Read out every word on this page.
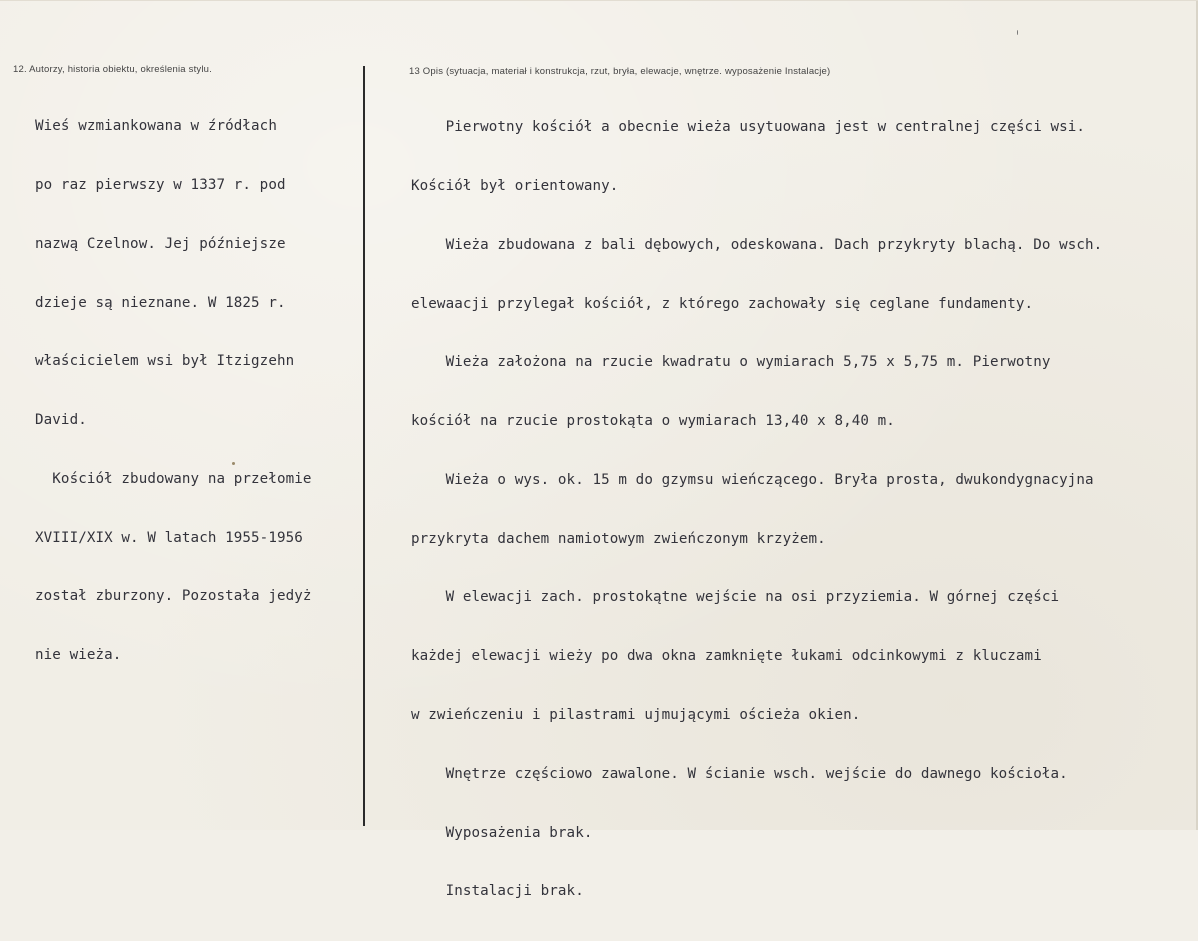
12. Autorzy, historia obiektu, określenia stylu.	13 Opis (sytuacja, materiał i konstrukcja, rzut, bryła, elewacje, wnętrze. wyposażenie Instalacje)

Wieś wzmiankowana w źródłach

po raz pierwszy w 1337 r. pod

nazwą Czelnow. Jej późniejsze

dzieje są nieznane. W 1825 r.

właścicielem wsi był Itzigzehn

David.

Kościół zbudowany na przełomie

XVIII/XIX w. W latach 1955-1956

został zburzony. Pozostała jedyż

nie wieża.

Pierwotny kościół a obecnie wieża usytuowana jest w centralnej części wsi.

Kościół był orientowany.

Wieża zbudowana z bali dębowych, odeskowana. Dach przykryty blachą. Do wsch.

elewaacji przylegał kościół, z którego zachowały się ceglane fundamenty.

Wieża założona na rzucie kwadratu o wymiarach 5,75 x 5,75 m. Pierwotny

kościół na rzucie prostokąta o wymiarach 13,40 x 8,40 m.

Wieża o wys. ok. 15 m do gzymsu wieńczącego. Bryła prosta, dwukondygnacyjna

przykryta dachem namiotowym zwieńczonym krzyżem.

W elewacji zach. prostokątne wejście na osi przyziemia. W górnej części

każdej elewacji wieży po dwa okna zamknięte łukami odcinkowymi z kluczami

w zwieńczeniu i pilastrami ujmującymi ościeża okien.

Wnętrze częściowo zawalone. W ścianie wsch. wejście do dawnego kościoła.

Wyposażenia brak.

Instalacji brak.
